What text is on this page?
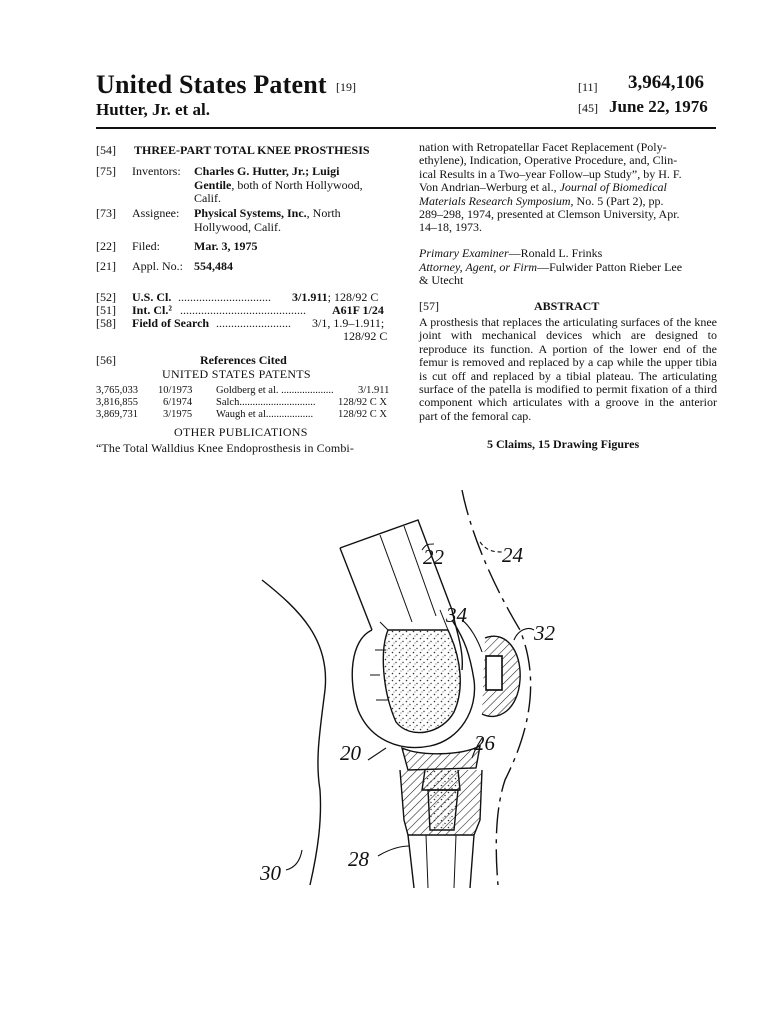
United States Patent [19]
Hutter, Jr. et al.
[11] 3,964,106
[45] June 22, 1976
[54] THREE-PART TOTAL KNEE PROSTHESIS
[75] Inventors: Charles G. Hutter, Jr.; Luigi
Gentile, both of North Hollywood,
Calif.
[73] Assignee: Physical Systems, Inc., North
Hollywood, Calif.
[22] Filed:	Mar. 3, 1975
[21] Appl. No.: 554,484
[52] U.S. Cl. ............................... 3/1.911; 128/92 C
[51] Int. Cl.² .......................................... A61F 1/24
[58] Field of Search ......................... 3/1, 1.9–1.911;
128/92 C
[56]	References Cited
UNITED STATES PATENTS
3,765,033 10/1973 Goldberg et al. .................... 3/1.911
3,816,855 6/1974 Salch............................. 128/92 C X
3,869,731 3/1975 Waugh et al.................. 128/92 C X
OTHER PUBLICATIONS
“The Total Walldius Knee Endoprosthesis in Combi-
nation with Retropatellar Facet Replacement (Poly-
ethylene), Indication, Operative Procedure, and, Clin-
ical Results in a Two–year Follow–up Study”, by H. F.
Von Andrian–Werburg et al., Journal of Biomedical
Materials Research Symposium, No. 5 (Part 2), pp.
289–298, 1974, presented at Clemson University, Apr.
14–18, 1973.
Primary Examiner—Ronald L. Frinks
Attorney, Agent, or Firm—Fulwider Patton Rieber Lee
& Utecht
[57]	ABSTRACT
A prosthesis that replaces the articulating surfaces of the knee joint with mechanical devices which are designed to reproduce its function. A portion of the lower end of the femur is removed and replaced by a cap while the upper tibia is cut off and replaced by a tibial plateau. The articulating surface of the patella is modified to permit fixation of a third component which articulates with a groove in the anterior part of the femoral cap.
5 Claims, 15 Drawing Figures
22	24
34
32
20	26
28
30
